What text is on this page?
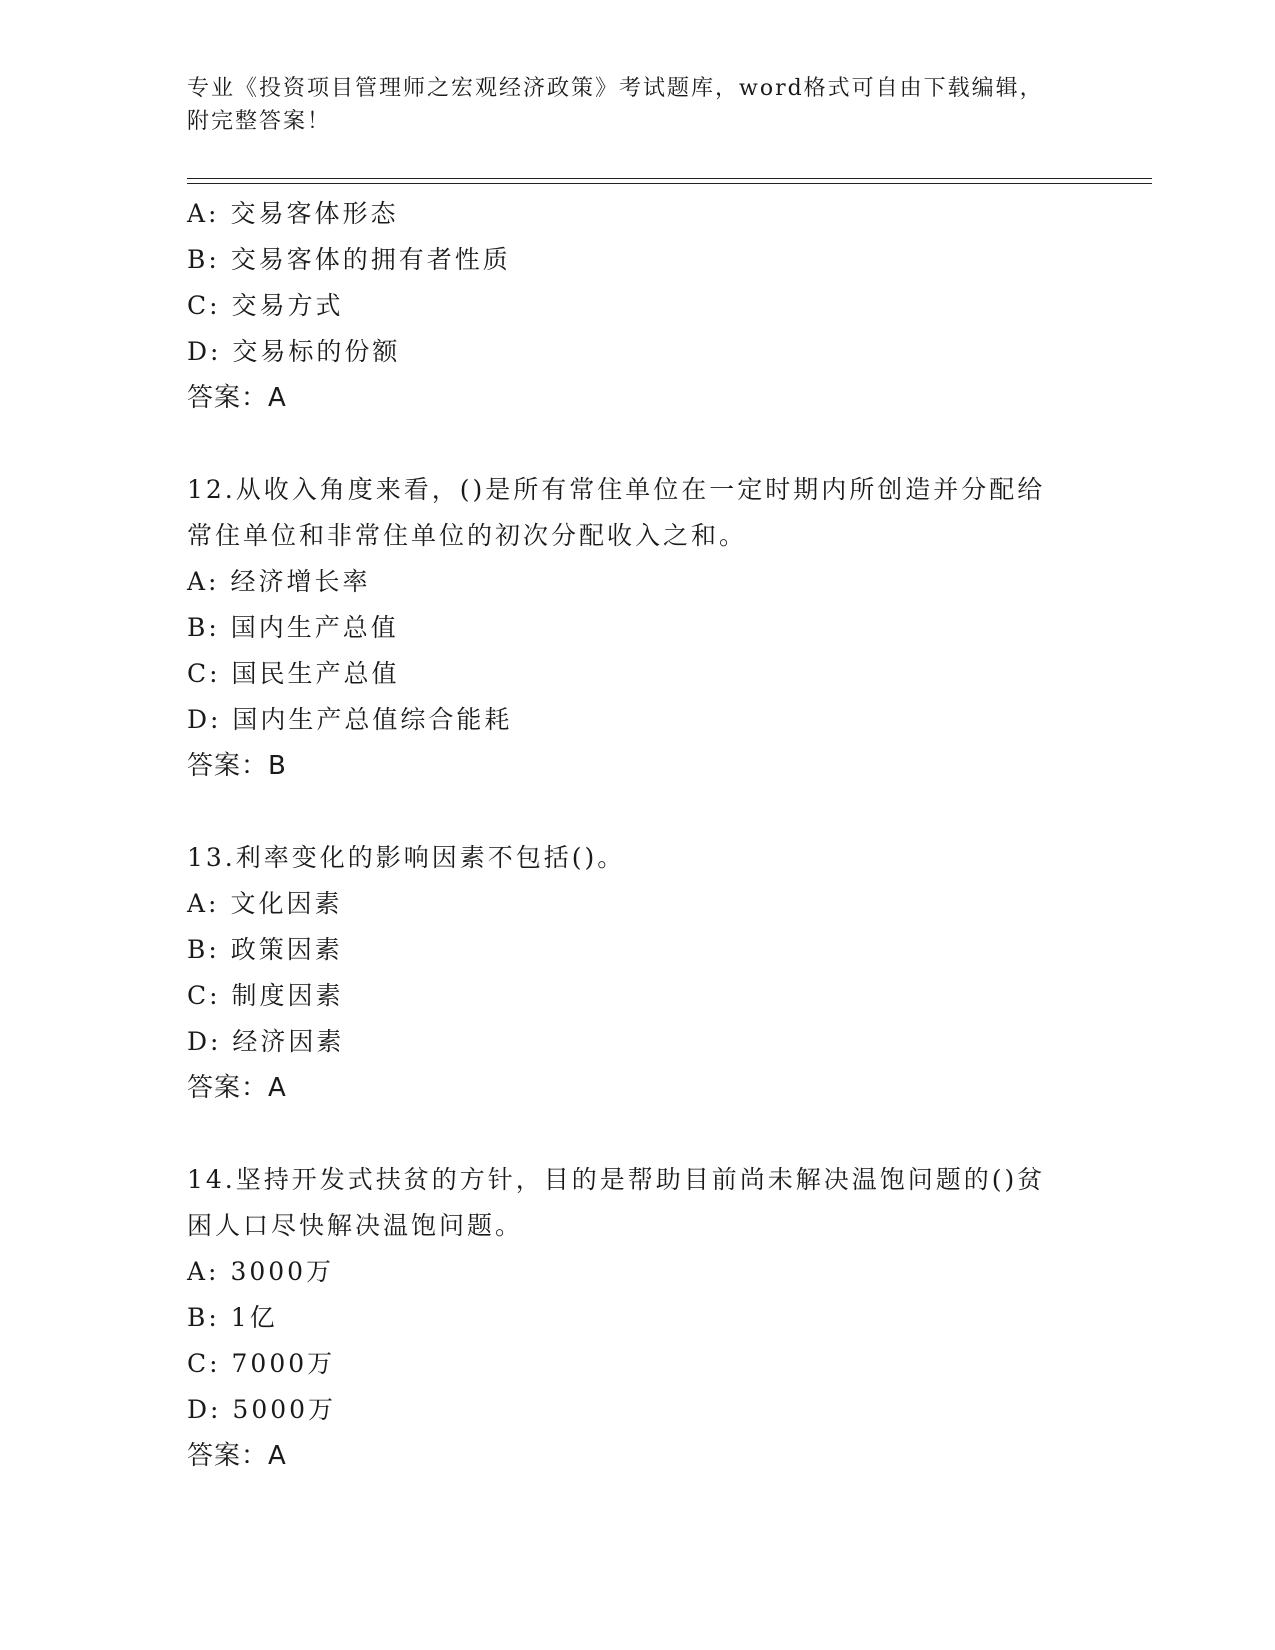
专业《投资项目管理师之宏观经济政策》考试题库，word格式可自由下载编辑，
附完整答案！
A: 交易客体形态
B: 交易客体的拥有者性质
C: 交易方式
D: 交易标的份额
答案：A
12.从收入角度来看，()是所有常住单位在一定时期内所创造并分配给
常住单位和非常住单位的初次分配收入之和。
A: 经济增长率
B: 国内生产总值
C: 国民生产总值
D: 国内生产总值综合能耗
答案：B
13.利率变化的影响因素不包括()。
A: 文化因素
B: 政策因素
C: 制度因素
D: 经济因素
答案：A
14.坚持开发式扶贫的方针，目的是帮助目前尚未解决温饱问题的()贫
困人口尽快解决温饱问题。
A: 3000万
B: 1亿
C: 7000万
D: 5000万
答案：A
